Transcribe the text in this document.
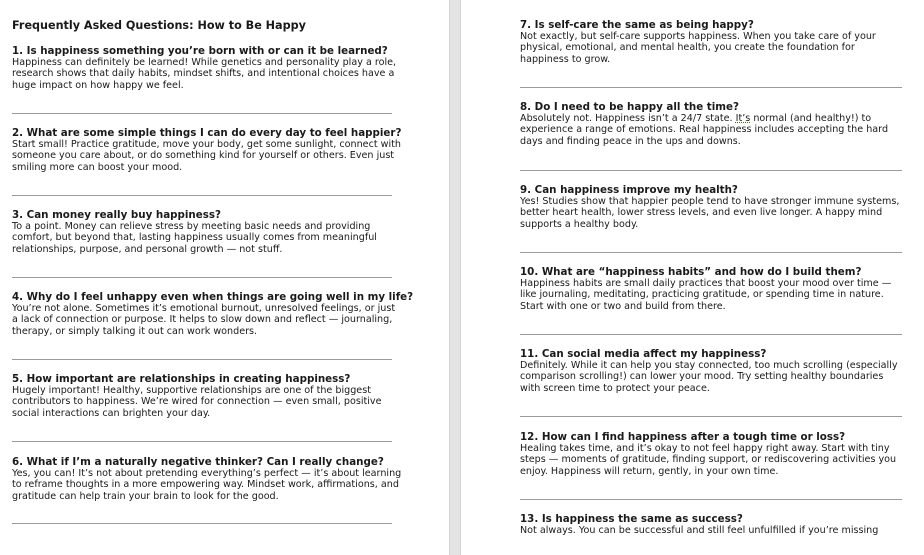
Frequently Asked Questions: How to Be Happy
1. Is happiness something you’re born with or can it be learned?
Happiness can definitely be learned! While genetics and personality play a role, research shows that daily habits, mindset shifts, and intentional choices have a huge impact on how happy we feel.
2. What are some simple things I can do every day to feel happier?
Start small! Practice gratitude, move your body, get some sunlight, connect with someone you care about, or do something kind for yourself or others. Even just smiling more can boost your mood.
3. Can money really buy happiness?
To a point. Money can relieve stress by meeting basic needs and providing comfort, but beyond that, lasting happiness usually comes from meaningful relationships, purpose, and personal growth — not stuff.
4. Why do I feel unhappy even when things are going well in my life?
You’re not alone. Sometimes it’s emotional burnout, unresolved feelings, or just a lack of connection or purpose. It helps to slow down and reflect — journaling, therapy, or simply talking it out can work wonders.
5. How important are relationships in creating happiness?
Hugely important! Healthy, supportive relationships are one of the biggest contributors to happiness. We’re wired for connection — even small, positive social interactions can brighten your day.
6. What if I’m a naturally negative thinker? Can I really change?
Yes, you can! It’s not about pretending everything’s perfect — it’s about learning to reframe thoughts in a more empowering way. Mindset work, affirmations, and gratitude can help train your brain to look for the good.
7. Is self-care the same as being happy?
Not exactly, but self-care supports happiness. When you take care of your physical, emotional, and mental health, you create the foundation for happiness to grow.
8. Do I need to be happy all the time?
Absolutely not. Happiness isn’t a 24/7 state. It’s normal (and healthy!) to experience a range of emotions. Real happiness includes accepting the hard days and finding peace in the ups and downs.
9. Can happiness improve my health?
Yes! Studies show that happier people tend to have stronger immune systems, better heart health, lower stress levels, and even live longer. A happy mind supports a healthy body.
10. What are “happiness habits” and how do I build them?
Happiness habits are small daily practices that boost your mood over time — like journaling, meditating, practicing gratitude, or spending time in nature. Start with one or two and build from there.
11. Can social media affect my happiness?
Definitely. While it can help you stay connected, too much scrolling (especially comparison scrolling!) can lower your mood. Try setting healthy boundaries with screen time to protect your peace.
12. How can I find happiness after a tough time or loss?
Healing takes time, and it’s okay to not feel happy right away. Start with tiny steps — moments of gratitude, finding support, or rediscovering activities you enjoy. Happiness will return, gently, in your own time.
13. Is happiness the same as success?
Not always. You can be successful and still feel unfulfilled if you’re missing
